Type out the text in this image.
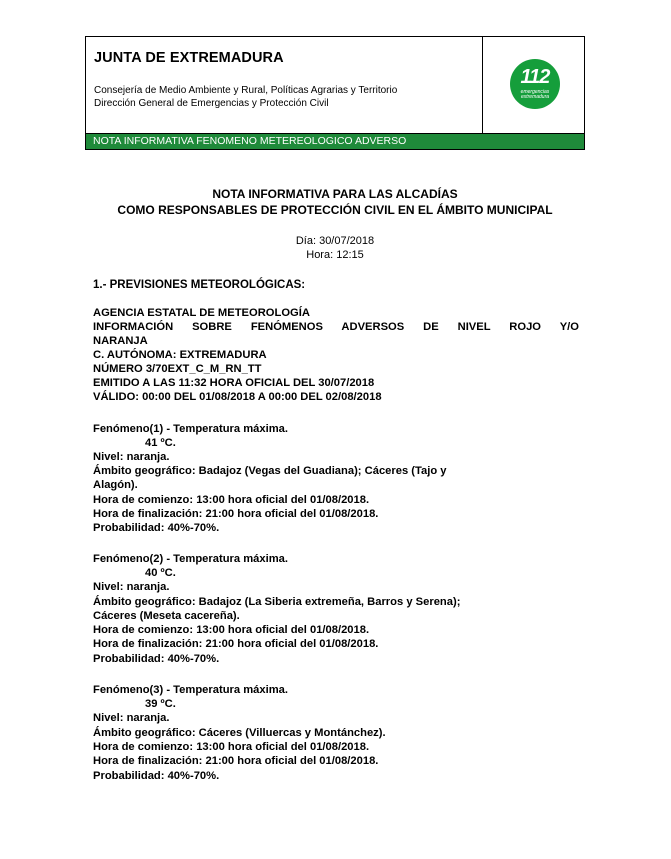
JUNTA DE EXTREMADURA
Consejería de Medio Ambiente y Rural, Políticas Agrarias y Territorio
Dirección General de Emergencias y Protección Civil
112
emergencias
extremadura
NOTA INFORMATIVA FENOMENO METEREOLOGICO ADVERSO
NOTA INFORMATIVA PARA LAS ALCADÍAS
COMO RESPONSABLES DE PROTECCIÓN CIVIL EN EL ÁMBITO MUNICIPAL
Día: 30/07/2018
Hora: 12:15
1.- PREVISIONES METEOROLÓGICAS:
AGENCIA ESTATAL DE METEOROLOGÍA
INFORMACIÓN SOBRE FENÓMENOS ADVERSOS DE NIVEL ROJO Y/O
NARANJA
C. AUTÓNOMA: EXTREMADURA
NÚMERO 3/70EXT_C_M_RN_TT
EMITIDO A LAS 11:32 HORA OFICIAL DEL 30/07/2018
VÁLIDO: 00:00 DEL 01/08/2018 A 00:00 DEL 02/08/2018
Fenómeno(1) - Temperatura máxima.
41 ºC.
Nivel: naranja.
Ámbito geográfico: Badajoz (Vegas del Guadiana); Cáceres (Tajo y
Alagón).
Hora de comienzo: 13:00 hora oficial del 01/08/2018.
Hora de finalización: 21:00 hora oficial del 01/08/2018.
Probabilidad: 40%-70%.
Fenómeno(2) - Temperatura máxima.
40 ºC.
Nivel: naranja.
Ámbito geográfico: Badajoz (La Siberia extremeña, Barros y Serena);
Cáceres (Meseta cacereña).
Hora de comienzo: 13:00 hora oficial del 01/08/2018.
Hora de finalización: 21:00 hora oficial del 01/08/2018.
Probabilidad: 40%-70%.
Fenómeno(3) - Temperatura máxima.
39 ºC.
Nivel: naranja.
Ámbito geográfico: Cáceres (Villuercas y Montánchez).
Hora de comienzo: 13:00 hora oficial del 01/08/2018.
Hora de finalización: 21:00 hora oficial del 01/08/2018.
Probabilidad: 40%-70%.
